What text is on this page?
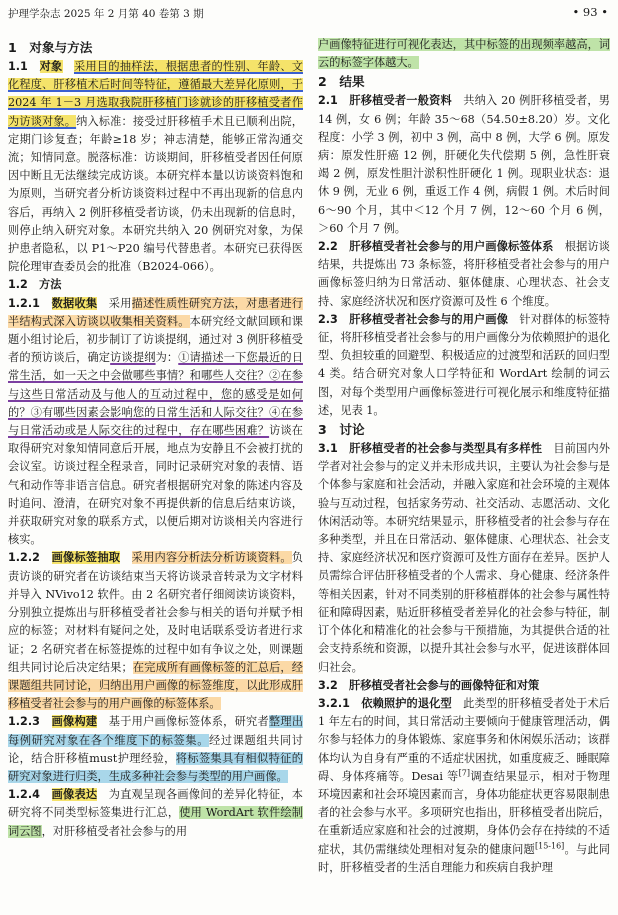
护理学杂志 2025 年 2 月第 40 卷第 3 期	• 93 •

1　对象与方法

1.1　 对象　 采用目的抽样法，根据患者的性别、年龄、文化程度、肝移植术后时间等特征，遵循最大差异化原则，于 2024 年 1－3 月选取我院肝移植门诊就诊的肝移植受者作为访谈对象。纳入标准：接受过肝移植手术且已顺利出院，定期门诊复查；年龄≥18 岁；神志清楚，能够正常沟通交流；知情同意。脱落标准：访谈期间，肝移植受者因任何原因中断且无法继续完成访谈。本研究样本量以访谈资料饱和为原则，当研究者分析访谈资料过程中不再出现新的信息内容后，再纳入 2 例肝移植受者访谈，仍未出现新的信息时，则停止纳入研究对象。本研究共纳入 20 例研究对象，为保护患者隐私，以 P1～P20 编号代替患者。本研究已获得医院伦理审查委员会的批准（B2024-066）。

1.2　方法

1.2.1　 数据收集　 采用描述性质性研究方法，对患者进行半结构式深入访谈以收集相关资料。本研究经文献回顾和课题小组讨论后，初步制订了访谈提纲，通过对 3 例肝移植受者的预访谈后，确定访谈提纲为：①请描述一下您最近的日常生活，如一天之中会做哪些事情？和哪些人交往？②在参与这些日常活动及与他人的互动过程中，您的感受是如何的？③有哪些因素会影响您的日常生活和人际交往？④在参与日常活动或是人际交往的过程中，存在哪些困难？访谈在取得研究对象知情同意后开展，地点为安静且不会被打扰的会议室。访谈过程全程录音，同时记录研究对象的表情、语气和动作等非语言信息。研究者根据研究对象的陈述内容及时追问、澄清，在研究对象不再提供新的信息后结束访谈，并获取研究对象的联系方式，以便后期对访谈相关内容进行核实。

1.2.2　 画像标签抽取　 采用内容分析法分析访谈资料。负责访谈的研究者在访谈结束当天将访谈录音转录为文字材料并导入 NVivo12 软件。由 2 名研究者仔细阅读访谈资料，分别独立提炼出与肝移植受者社会参与相关的语句并赋予相应的标签；对材料有疑问之处，及时电话联系受访者进行求证；2 名研究者在标签提炼的过程中如有争议之处，则课题组共同讨论后决定结果；在完成所有画像标签的汇总后，经课题组共同讨论，归纳出用户画像的标签维度，以此形成肝移植受者社会参与的用户画像的标签体系。

1.2.3　 画像构建　 基于用户画像标签体系，研究者整理出每例研究对象在各个维度下的标签集。经过课题组共同讨论，结合肝移植must护理经验，将标签集具有相似特征的研究对象进行归类，生成多种社会参与类型的用户画像。

1.2.4　 画像表达　 为直观呈现各画像间的差异化特征，本研究将不同类型标签集进行汇总，使用 WordArt 软件绘制词云图，对肝移植受者社会参与的用

户画像特征进行可视化表达，其中标签的出现频率越高，词云的标签字体越大。

2　结果

2.1　肝移植受者一般资料　 共纳入 20 例肝移植受者，男 14 例，女 6 例；年龄 35～68（54.50±8.20）岁。文化程度：小学 3 例，初中 3 例，高中 8 例，大学 6 例。原发病：原发性肝癌 12 例，肝硬化失代偿期 5 例，急性肝衰竭 2 例，原发性胆汁淤积性肝硬化 1 例。现职业状态：退休 9 例，无业 6 例，重返工作 4 例，病假 1 例。术后时间 6～90 个月，其中＜12 个月 7 例，12～60 个月 6 例，＞60 个月 7 例。

2.2　肝移植受者社会参与的用户画像标签体系　 根据访谈结果，共提炼出 73 条标签，将肝移植受者社会参与的用户画像标签归纳为日常活动、躯体健康、心理状态、社会支持、家庭经济状况和医疗资源可及性 6 个维度。

2.3　肝移植受者社会参与的用户画像　 针对群体的标签特征，将肝移植受者社会参与的用户画像分为依赖照护的退化型、负担较重的回避型、积极适应的过渡型和活跃的回归型 4 类。结合研究对象人口学特征和 WordArt 绘制的词云图，对每个类型用户画像标签进行可视化展示和维度特征描述，见表 1。

3　讨论

3.1　肝移植受者的社会参与类型具有多样性　 目前国内外学者对社会参与的定义并未形成共识，主要认为社会参与是个体参与家庭和社会活动，并融入家庭和社会环境的主观体验与互动过程，包括家务劳动、社交活动、志愿活动、文化休闲活动等。本研究结果显示，肝移植受者的社会参与存在多种类型，并且在日常活动、躯体健康、心理状态、社会支持、家庭经济状况和医疗资源可及性方面存在差异。医护人员需综合评估肝移植受者的个人需求、身心健康、经济条件等相关因素，针对不同类别的肝移植群体的社会参与属性特征和障碍因素，贴近肝移植受者差异化的社会参与特征，制订个体化和精准化的社会参与干预措施，为其提供合适的社会支持系统和资源，以提升其社会参与水平，促进该群体回归社会。

3.2　肝移植受者社会参与的画像特征和对策

3.2.1　 依赖照护的退化型　 此类型的肝移植受者处于术后 1 年左右的时间，其日常活动主要倾向于健康管理活动，偶尔参与轻体力的身体锻炼、家庭事务和休闲娱乐活动；该群体均认为自身有严重的不适症状困扰，如重度疲乏、睡眠障碍、身体疼痛等。Desai 等[7]调查结果显示，相对于物理环境因素和社会环境因素而言，身体功能症状更容易限制患者的社会参与水平。多项研究也指出，肝移植受者出院后，在重新适应家庭和社会的过渡期，身体仍会存在持续的不适症状，其仍需继续处理相对复杂的健康问题[15-16]。与此同时，肝移植受者的生活自理能力和疾病自我护理
